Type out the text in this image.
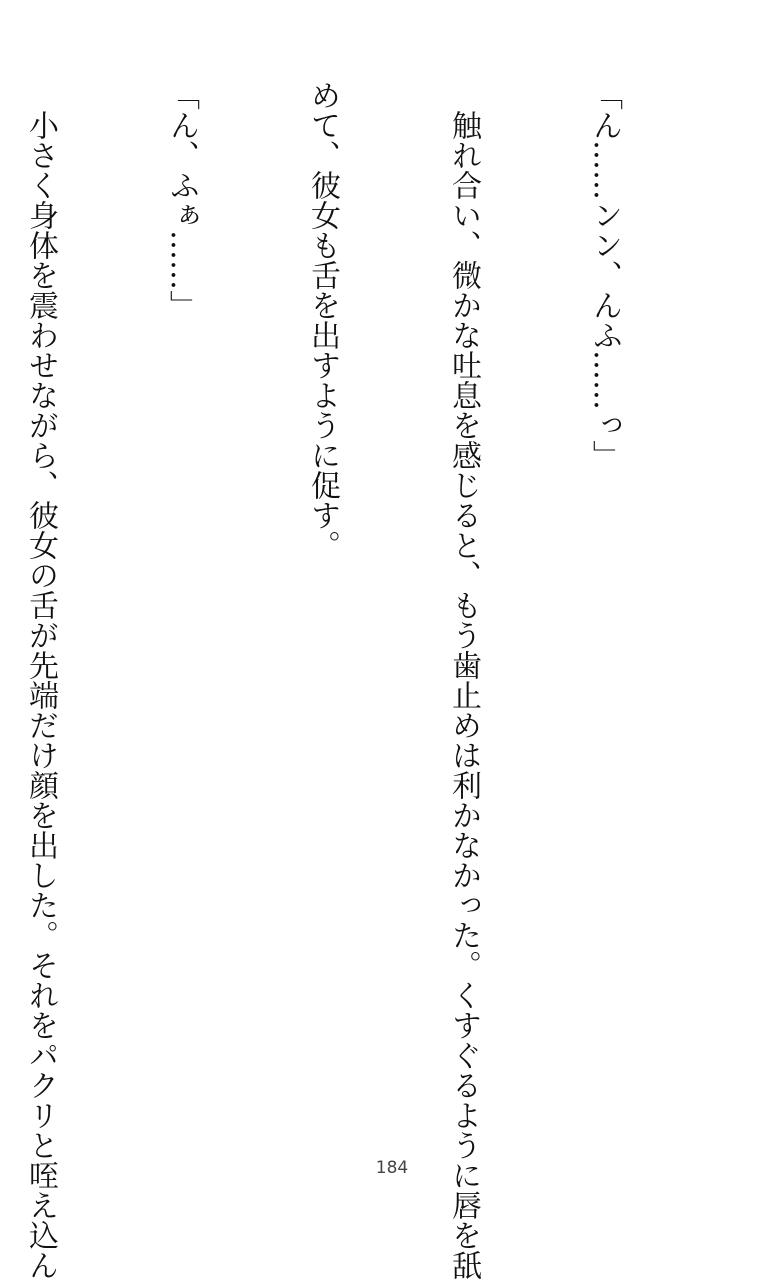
「ん……ンン、んふ……っ」

　触れ合い、微かな吐息を感じると、もう歯止めは利かなかった。くすぐるように唇を舐

めて、彼女も舌を出すように促す。

「ん、ふぁ……」

　小さく身体を震わせながら、彼女の舌が先端だけ顔を出した。それをパクリと咥え込ん

	184
